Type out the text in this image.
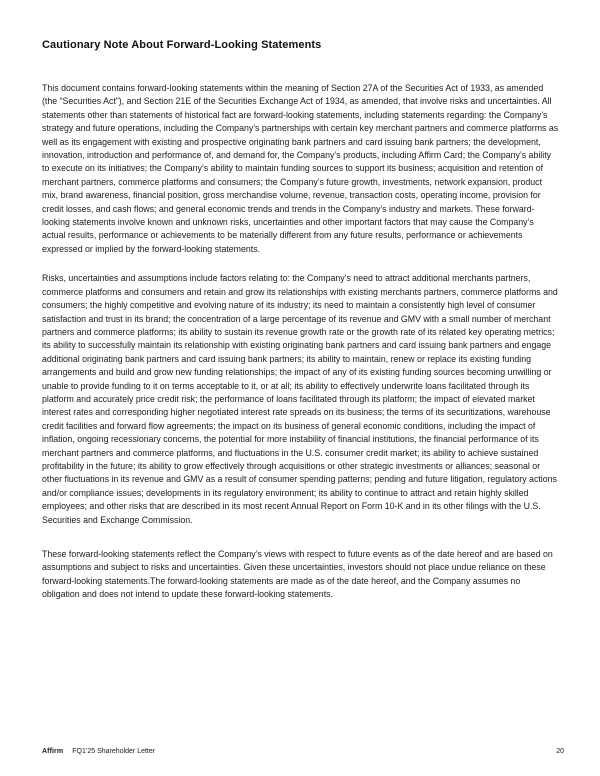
Cautionary Note About Forward-Looking Statements

This document contains forward-looking statements within the meaning of Section 27A of the Securities Act of 1933, as amended (the “Securities Act”), and Section 21E of the Securities Exchange Act of 1934, as amended, that involve risks and uncertainties. All statements other than statements of historical fact are forward-looking statements, including statements regarding: the Company’s strategy and future operations, including the Company’s partnerships with certain key merchant partners and commerce platforms as well as its engagement with existing and prospective originating bank partners and card issuing bank partners; the development, innovation, introduction and performance of, and demand for, the Company’s products, including Affirm Card; the Company’s ability to execute on its initiatives; the Company’s ability to maintain funding sources to support its business; acquisition and retention of merchant partners, commerce platforms and consumers; the Company’s future growth, investments, network expansion, product mix, brand awareness, financial position, gross merchandise volume, revenue, transaction costs, operating income, provision for credit losses, and cash flows; and general economic trends and trends in the Company’s industry and markets. These forward-looking statements involve known and unknown risks, uncertainties and other important factors that may cause the Company’s actual results, performance or achievements to be materially different from any future results, performance or achievements expressed or implied by the forward-looking statements.

Risks, uncertainties and assumptions include factors relating to: the Company’s need to attract additional merchants partners, commerce platforms and consumers and retain and grow its relationships with existing merchants partners, commerce platforms and consumers; the highly competitive and evolving nature of its industry; its need to maintain a consistently high level of consumer satisfaction and trust in its brand; the concentration of a large percentage of its revenue and GMV with a small number of merchant partners and commerce platforms; its ability to sustain its revenue growth rate or the growth rate of its related key operating metrics; its ability to successfully maintain its relationship with existing originating bank partners and card issuing bank partners and engage additional originating bank partners and card issuing bank partners; its ability to maintain, renew or replace its existing funding arrangements and build and grow new funding relationships; the impact of any of its existing funding sources becoming unwilling or unable to provide funding to it on terms acceptable to it, or at all; its ability to effectively underwrite loans facilitated through its platform and accurately price credit risk; the performance of loans facilitated through its platform; the impact of elevated market interest rates and corresponding higher negotiated interest rate spreads on its business; the terms of its securitizations, warehouse credit facilities and forward flow agreements; the impact on its business of general economic conditions, including the impact of inflation, ongoing recessionary concerns, the potential for more instability of financial institutions, the financial performance of its merchant partners and commerce platforms, and fluctuations in the U.S. consumer credit market; its ability to achieve sustained profitability in the future; its ability to grow effectively through acquisitions or other strategic investments or alliances; seasonal or other fluctuations in its revenue and GMV as a result of consumer spending patterns; pending and future litigation, regulatory actions and/or compliance issues; developments in its regulatory environment; its ability to continue to attract and retain highly skilled employees; and other risks that are described in its most recent Annual Report on Form 10-K and in its other filings with the U.S. Securities and Exchange Commission.

These forward-looking statements reflect the Company’s views with respect to future events as of the date hereof and are based on assumptions and subject to risks and uncertainties. Given these uncertainties, investors should not place undue reliance on these forward-looking statements.The forward-looking statements are made as of the date hereof, and the Company assumes no obligation and does not intend to update these forward-looking statements.

Affirm FQ1’25 Shareholder Letter	20
